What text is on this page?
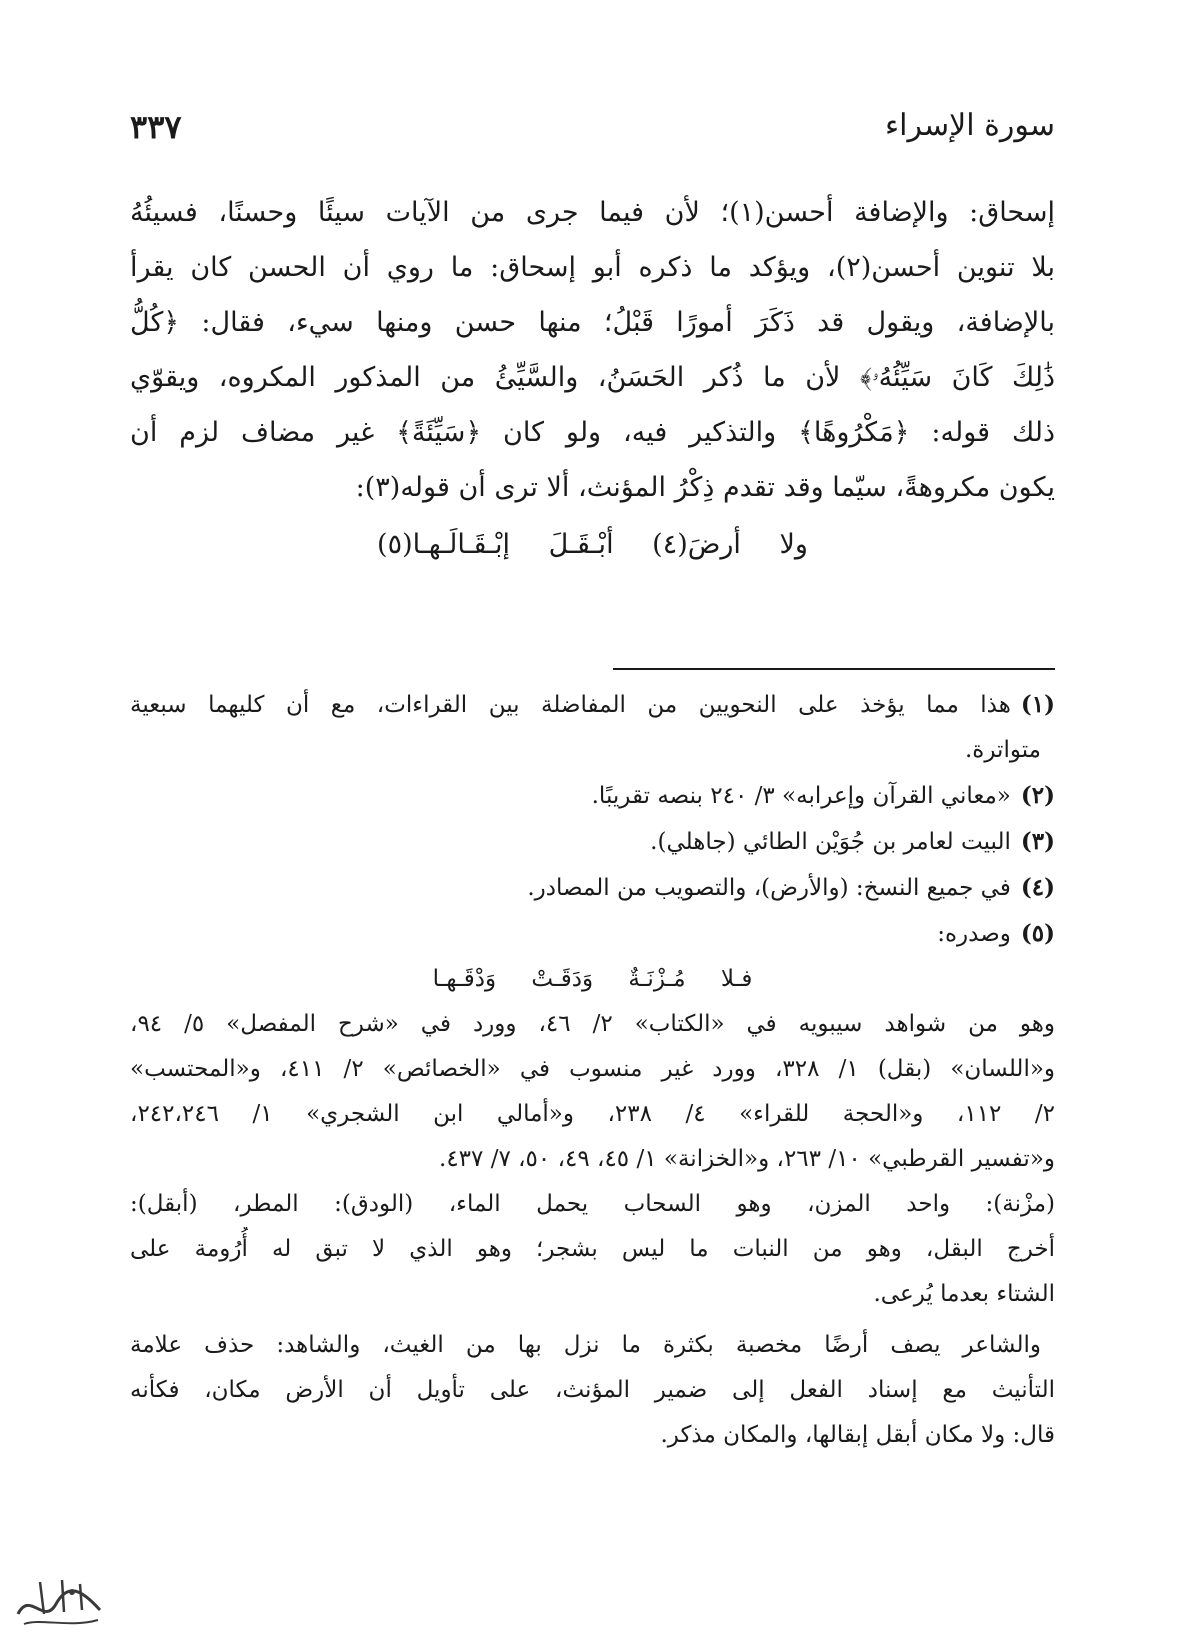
سورة الإسراء
٣٣٧

إسحاق: والإضافة أحسن(١)؛ لأن فيما جرى من الآيات سيئًا وحسنًا، فسيئُهُ

بلا تنوين أحسن(٢)، ويؤكد ما ذكره أبو إسحاق: ما روي أن الحسن كان يقرأ

بالإضافة، ويقول قد ذَكَرَ أمورًا قَبْلُ؛ منها حسن ومنها سيء، فقال: ﴿كُلُّ

ذَٰلِكَ كَانَ سَيِّئُهُۥ﴾ لأن ما ذُكر الحَسَنُ، والسَّيِّئُ من المذكور المكروه، ويقوّي

ذلك قوله: ﴿مَكْرُوهًا﴾ والتذكير فيه، ولو كان ﴿سَيِّئَةً﴾ غير مضاف لزم أن

يكون مكروهةً، سيّما وقد تقدم ذِكْرُ المؤنث، ألا ترى أن قوله(٣):

ولا أرضَ(٤) أبْـقَـلَ إبْـقَـالَـهـا(٥)

(١)هذا مما يؤخذ على النحويين من المفاضلة بين القراءات، مع أن كليهما سبعية

متواترة.

(٢)«معاني القرآن وإعرابه» ٣/ ٢٤٠ بنصه تقريبًا.

(٣)البيت لعامر بن جُوَيْن الطائي (جاهلي).

(٤)في جميع النسخ: (والأرض)، والتصويب من المصادر.

(٥)وصدره:

فـلا مُـزْنَـةٌ وَدَقَـتْ وَدْقَـهـا

وهو من شواهد سيبويه في «الكتاب» ٢/ ٤٦، وورد في «شرح المفصل» ٥/ ٩٤،

و«اللسان» (بقل) ١/ ٣٢٨، وورد غير منسوب في «الخصائص» ٢/ ٤١١، و«المحتسب»

٢/ ١١٢، و«الحجة للقراء» ٤/ ٢٣٨، و«أمالي ابن الشجري» ١/ ٢٤٢،٢٤٦،

و«تفسير القرطبي» ١٠/ ٢٦٣، و«الخزانة» ١/ ٤٥، ٤٩، ٥٠، ٧/ ٤٣٧.

(مزْنة): واحد المزن، وهو السحاب يحمل الماء، (الودق): المطر، (أبقل):

أخرج البقل، وهو من النبات ما ليس بشجر؛ وهو الذي لا تبق له أُرُومة على

الشتاء بعدما يُرعى.

والشاعر يصف أرضًا مخصبة بكثرة ما نزل بها من الغيث، والشاهد: حذف علامة

التأنيث مع إسناد الفعل إلى ضمير المؤنث، على تأويل أن الأرض مكان، فكأنه

قال: ولا مكان أبقل إبقالها، والمكان مذكر.
